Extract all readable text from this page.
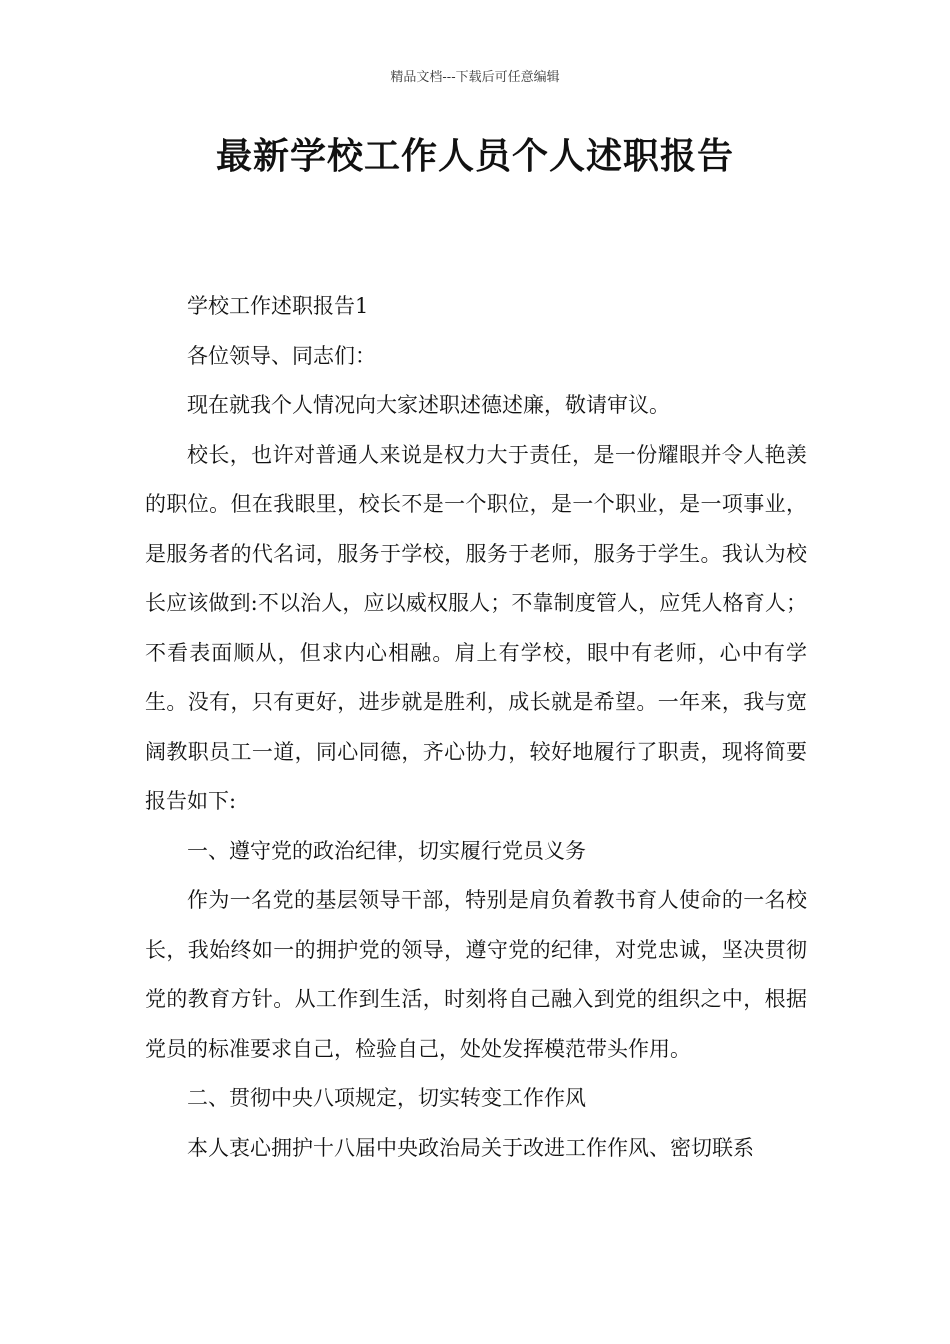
精品文档---下载后可任意编辑
最新学校工作人员个人述职报告

学校工作述职报告1

各位领导、同志们：

现在就我个人情况向大家述职述德述廉，敬请审议。

校长，也许对普通人来说是权力大于责任，是一份耀眼并令人艳羡的职位。但在我眼里，校长不是一个职位，是一个职业，是一项事业，是服务者的代名词，服务于学校，服务于老师，服务于学生。我认为校长应该做到:不以治人，应以威权服人；不靠制度管人，应凭人格育人；不看表面顺从，但求内心相融。肩上有学校，眼中有老师，心中有学生。没有，只有更好，进步就是胜利，成长就是希望。一年来，我与宽阔教职员工一道，同心同德，齐心协力，较好地履行了职责，现将简要报告如下:

一、遵守党的政治纪律，切实履行党员义务

作为一名党的基层领导干部，特别是肩负着教书育人使命的一名校长，我始终如一的拥护党的领导，遵守党的纪律，对党忠诚，坚决贯彻党的教育方针。从工作到生活，时刻将自己融入到党的组织之中，根据党员的标准要求自己，检验自己，处处发挥模范带头作用。

二、贯彻中央八项规定，切实转变工作作风

本人衷心拥护十八届中央政治局关于改进工作作风、密切联系
